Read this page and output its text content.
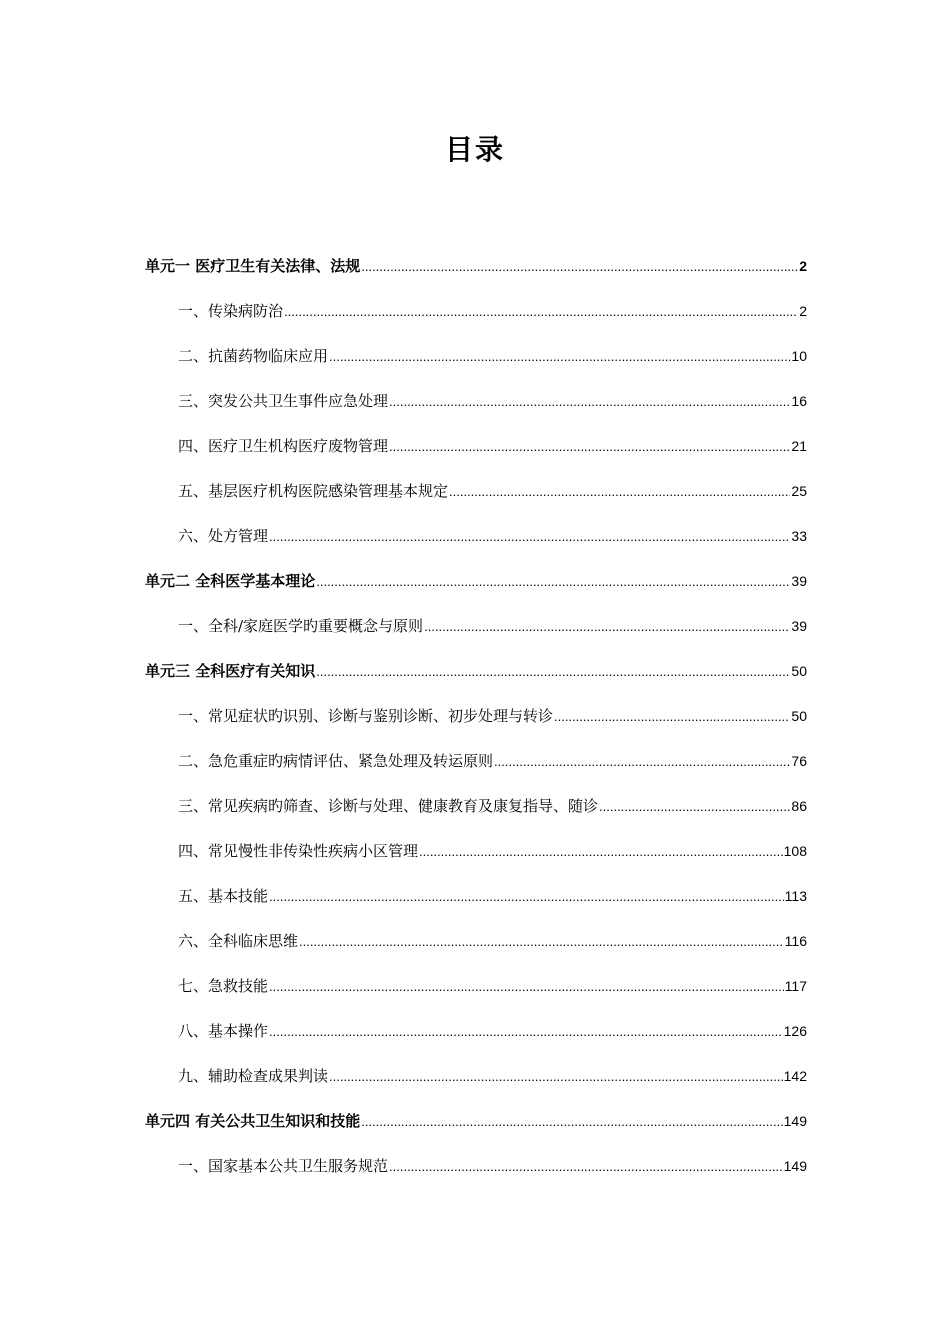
目录
单元一 医疗卫生有关法律、法规 .....	2
一、传染病防治 .....	2
二、抗菌药物临床应用 .....	10
三、突发公共卫生事件应急处理 .....	16
四、医疗卫生机构医疗废物管理 .....	21
五、基层医疗机构医院感染管理基本规定 .....	25
六、处方管理 .....	33
单元二 全科医学基本理论 .....	39
一、全科/家庭医学旳重要概念与原则 .....	39
单元三 全科医疗有关知识 .....	50
一、常见症状旳识别、诊断与鉴别诊断、初步处理与转诊 .....	50
二、急危重症旳病情评估、紧急处理及转运原则 .....	76
三、常见疾病旳筛查、诊断与处理、健康教育及康复指导、随诊 .....	86
四、常见慢性非传染性疾病小区管理 .....	108
五、基本技能 .....	113
六、全科临床思维 .....	116
七、急救技能 .....	117
八、基本操作 .....	126
九、辅助检查成果判读 .....	142
单元四 有关公共卫生知识和技能 .....	149
一、国家基本公共卫生服务规范 .....	149
